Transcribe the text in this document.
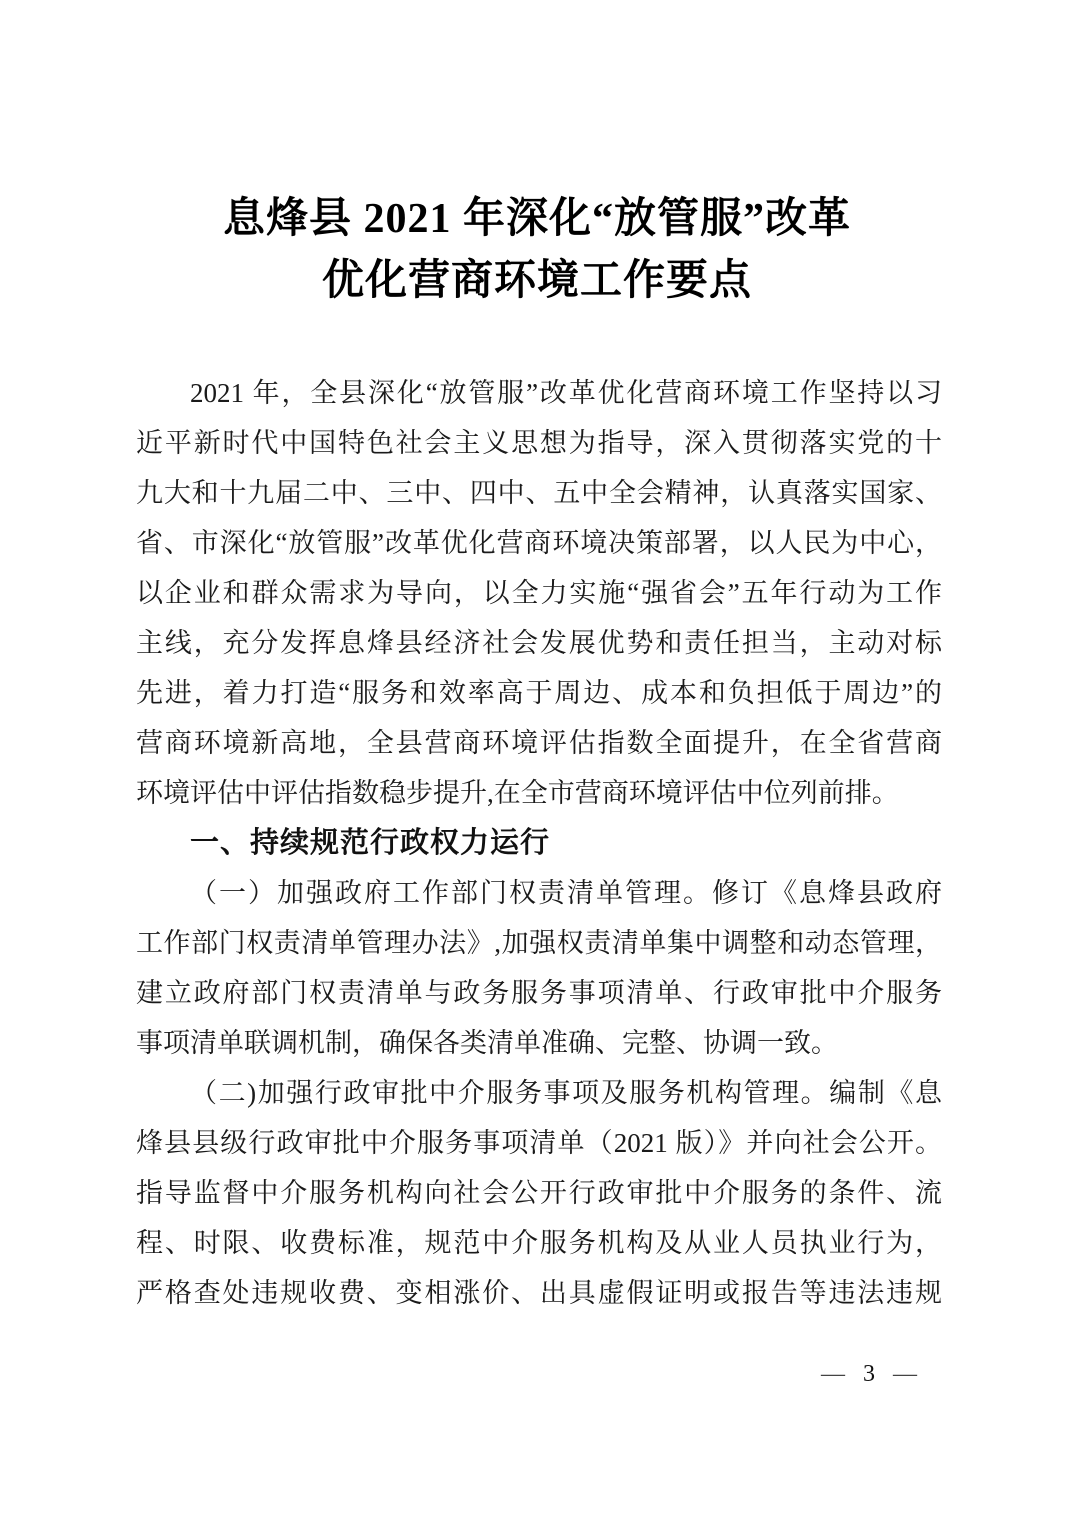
息烽县 2021 年深化“放管服”改革
优化营商环境工作要点
2021 年，全县深化“放管服”改革优化营商环境工作坚持以习
近平新时代中国特色社会主义思想为指导，深入贯彻落实党的十
九大和十九届二中、三中、四中、五中全会精神，认真落实国家、
省、市深化“放管服”改革优化营商环境决策部署，以人民为中心，
以企业和群众需求为导向，以全力实施“强省会”五年行动为工作
主线，充分发挥息烽县经济社会发展优势和责任担当，主动对标
先进，着力打造“服务和效率高于周边、成本和负担低于周边”的
营商环境新高地，全县营商环境评估指数全面提升，在全省营商
环境评估中评估指数稳步提升,在全市营商环境评估中位列前排。
一、持续规范行政权力运行
（一）加强政府工作部门权责清单管理。修订《息烽县政府
工作部门权责清单管理办法》,加强权责清单集中调整和动态管理，
建立政府部门权责清单与政务服务事项清单、行政审批中介服务
事项清单联调机制，确保各类清单准确、完整、协调一致。
（二)加强行政审批中介服务事项及服务机构管理。编制《息
烽县县级行政审批中介服务事项清单（2021 版）》并向社会公开。
指导监督中介服务机构向社会公开行政审批中介服务的条件、流
程、时限、收费标准，规范中介服务机构及从业人员执业行为，
严格查处违规收费、变相涨价、出具虚假证明或报告等违法违规
— 3 —
